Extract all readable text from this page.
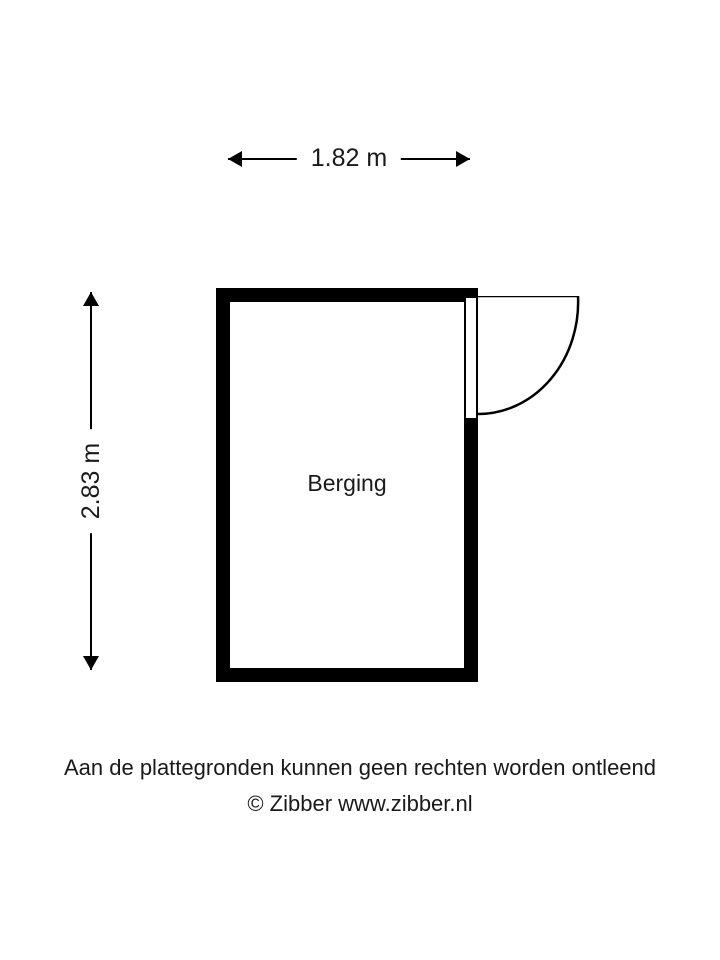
1.82 m
2.83 m	Berging
Aan de plattegronden kunnen geen rechten worden ontleend
© Zibber www.zibber.nl
